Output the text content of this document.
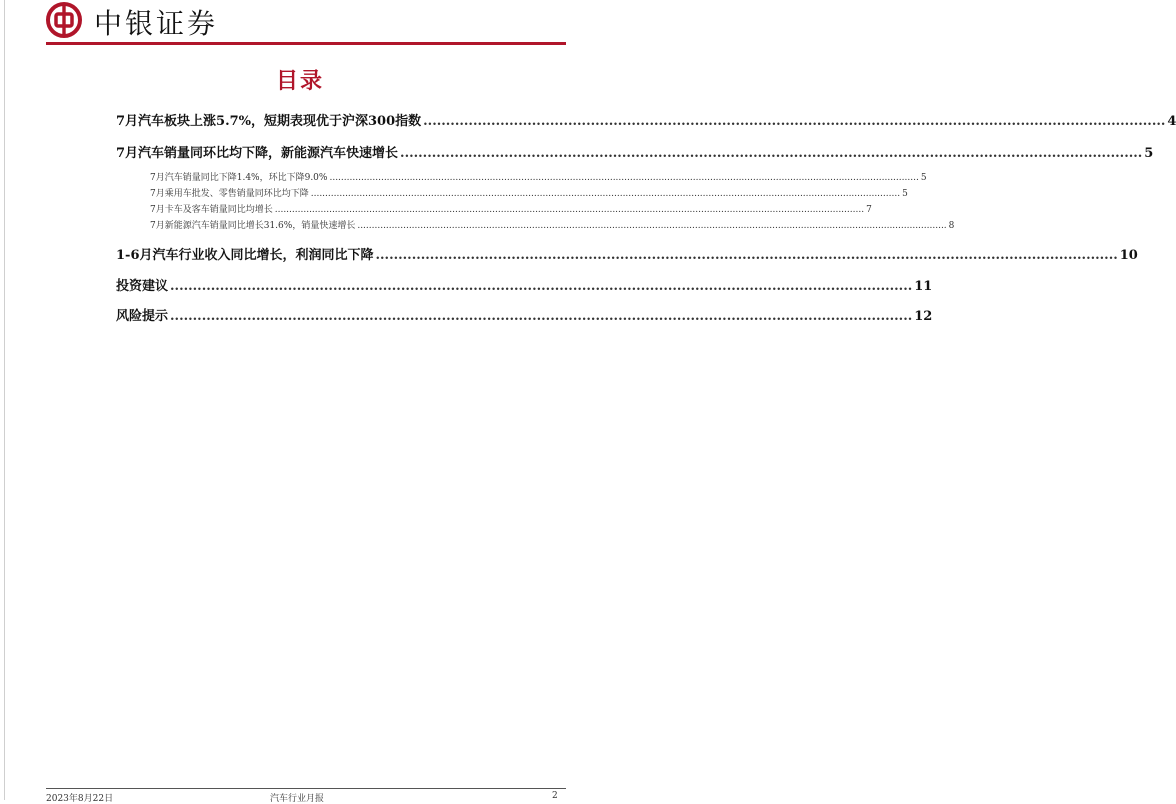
中银证券
目录
7月汽车板块上涨5.7%，短期表现优于沪深300指数 .................................................................................................................................................................... 4
7月汽车销量同环比均下降，新能源汽车快速增长 .................................................................................................................................................................... 5
7月汽车销量同比下降1.4%，环比下降9.0% .............................................................................................................................................................................................................. 5
7月乘用车批发、零售销量同环比均下降 .............................................................................................................................................................................................................. 5
7月卡车及客车销量同比均增长 .............................................................................................................................................................................................................. 7
7月新能源汽车销量同比增长31.6%，销量快速增长 .............................................................................................................................................................................................................. 8
1-6月汽车行业收入同比增长，利润同比下降 .................................................................................................................................................................... 10
投资建议 .................................................................................................................................................................... 11
风险提示 .................................................................................................................................................................... 12
2023年8月22日	汽车行业月报	2
